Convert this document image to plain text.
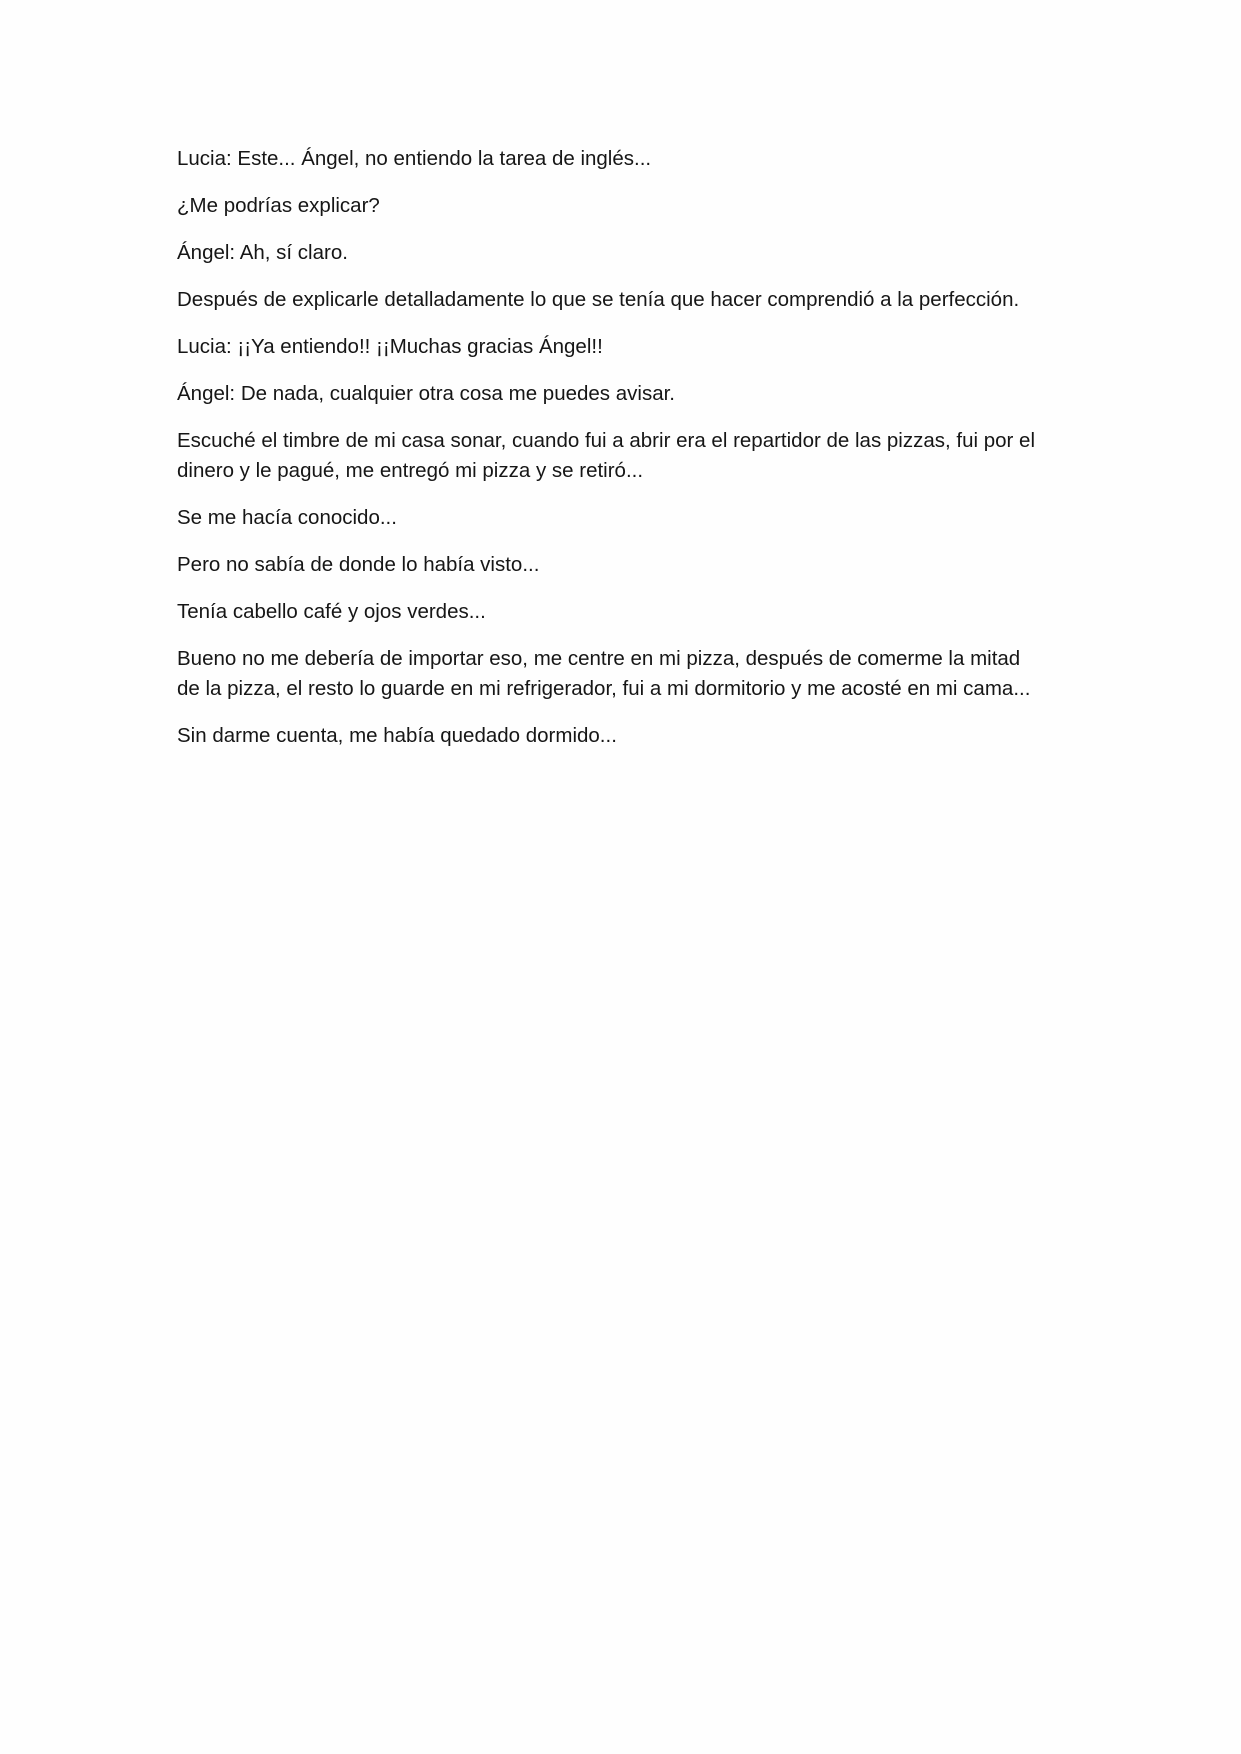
Lucia: Este... Ángel, no entiendo la tarea de inglés...

¿Me podrías explicar?

Ángel: Ah, sí claro.

Después de explicarle detalladamente lo que se tenía que hacer comprendió a la perfección.

Lucia: ¡¡Ya entiendo!! ¡¡Muchas gracias Ángel!!

Ángel: De nada, cualquier otra cosa me puedes avisar.

Escuché el timbre de mi casa sonar, cuando fui a abrir era el repartidor de las pizzas, fui por el
dinero y le pagué, me entregó mi pizza y se retiró...

Se me hacía conocido...

Pero no sabía de donde lo había visto...

Tenía cabello café y ojos verdes...

Bueno no me debería de importar eso, me centre en mi pizza, después de comerme la mitad
de la pizza, el resto lo guarde en mi refrigerador, fui a mi dormitorio y me acosté en mi cama...

Sin darme cuenta, me había quedado dormido...
